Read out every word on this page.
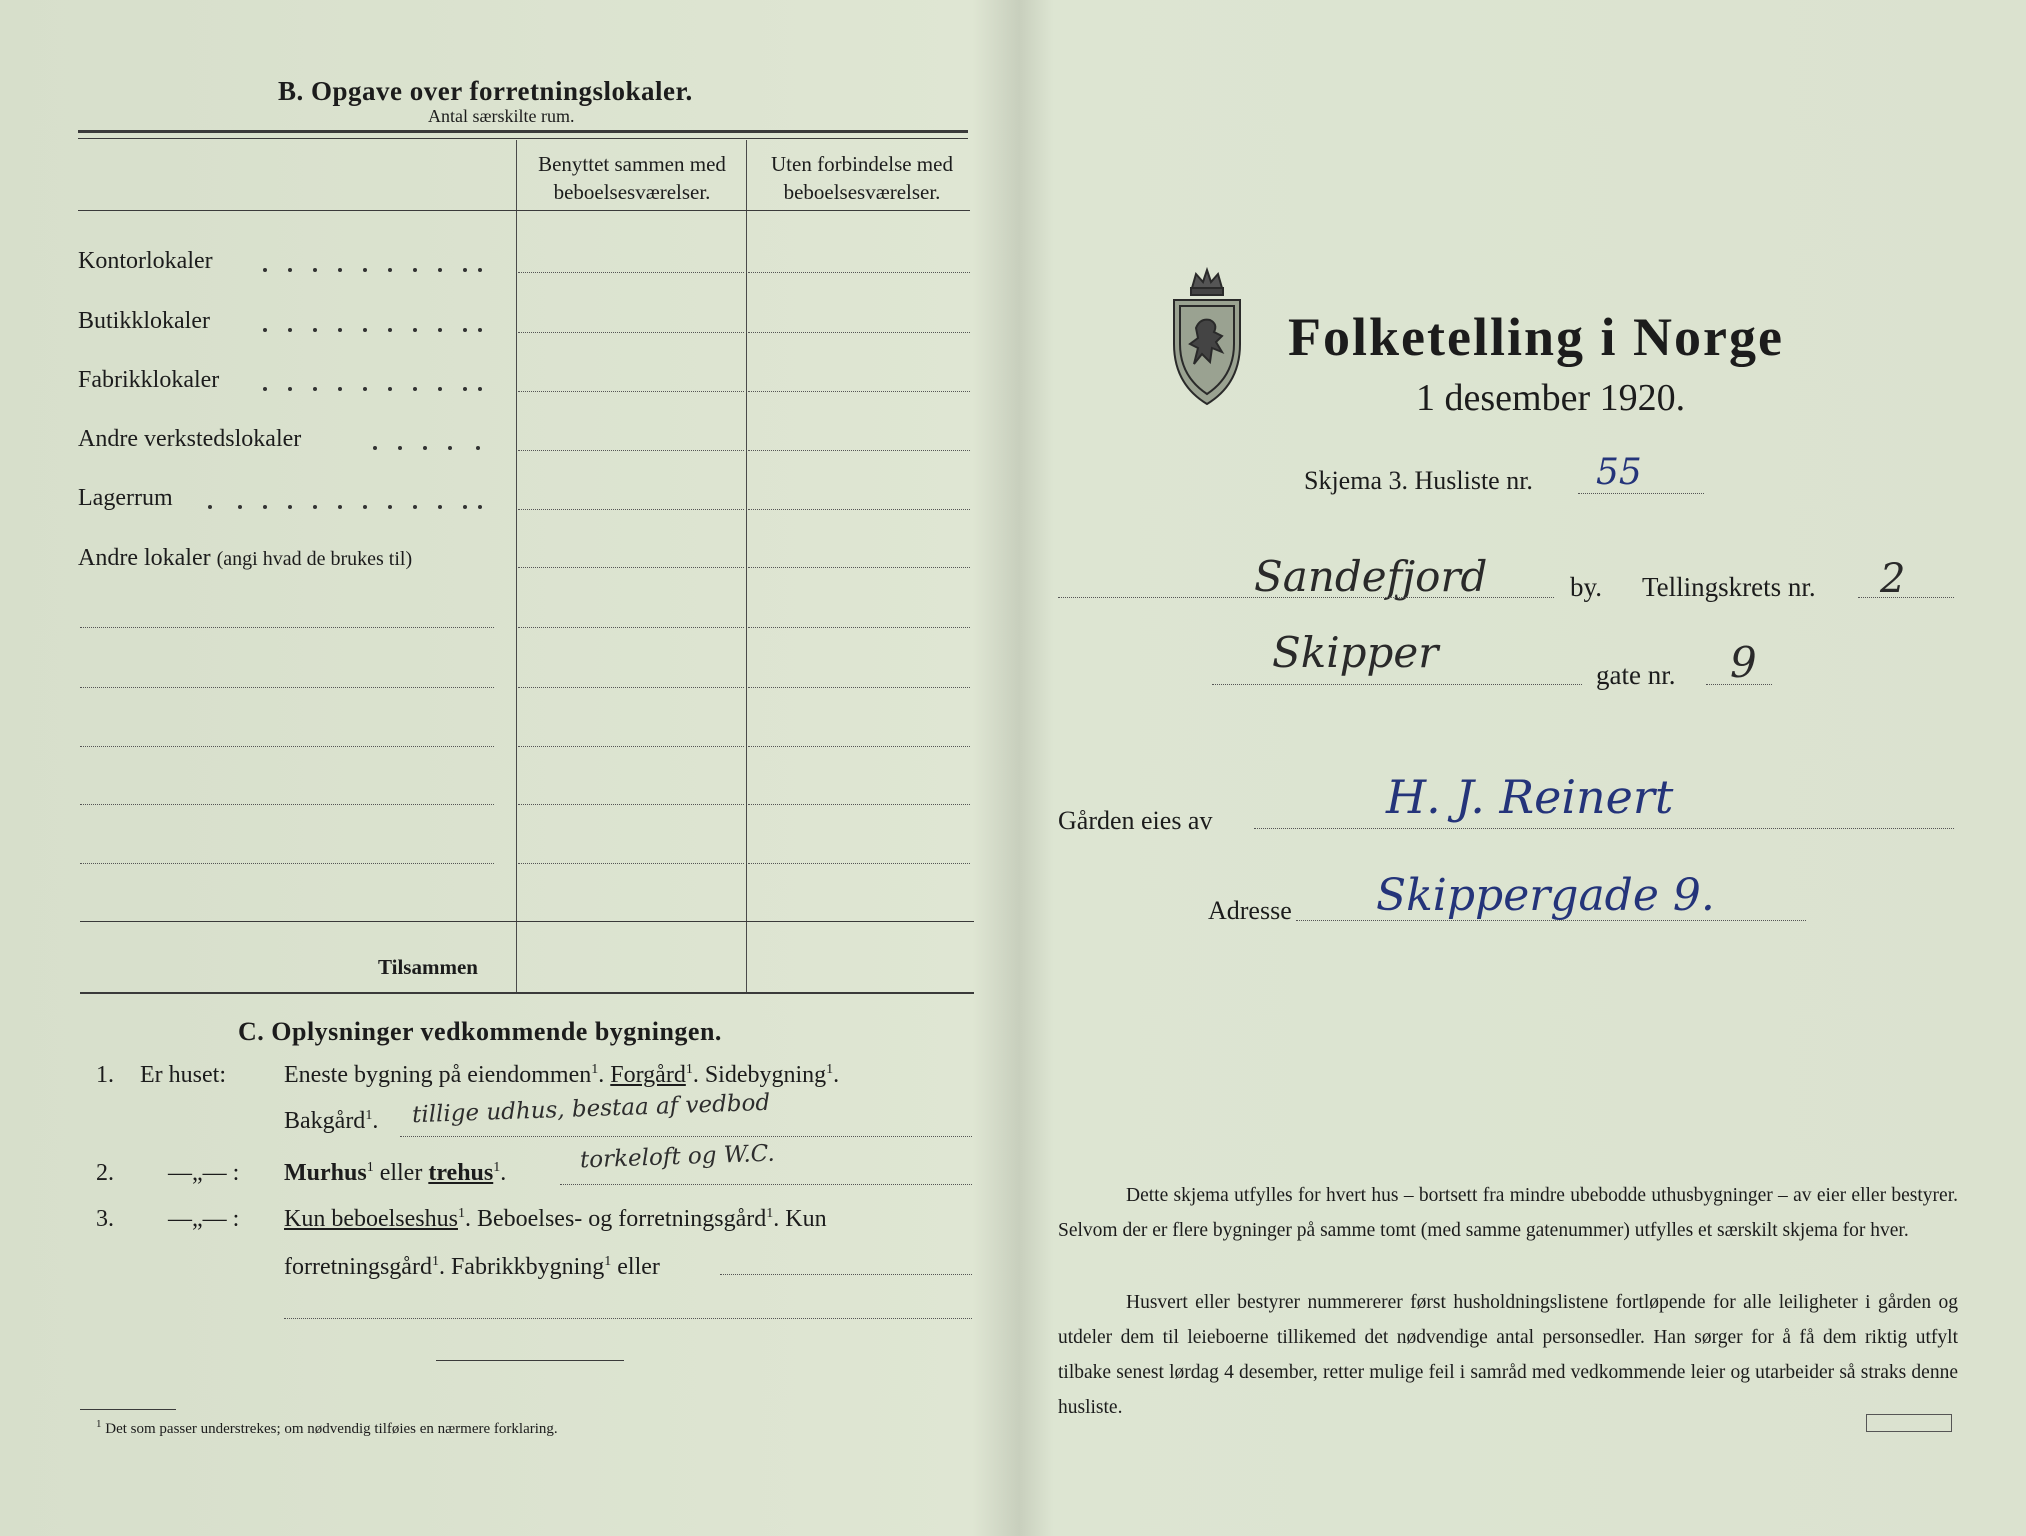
B. Opgave over forretningslokaler.
Antal særskilte rum.
Benyttet sammen med beboelsesværelser.
Uten forbindelse med beboelsesværelser.
Kontorlokaler
Butikklokaler
Fabrikklokaler
Andre verkstedslokaler
Lagerrum
Andre lokaler (angi hvad de brukes til)
Tilsammen
C. Oplysninger vedkommende bygningen.
1. Er huset: Eneste bygning på eiendommen$^1$. Forgård$^1$. Sidebygning$^1$.
Bakgård$^1$. tillige udhus, bestaa af vedbod
torkeloft og W.C.
2. —„— : Murhus$^1$ eller trehus$^1$.
3. —„— : Kun beboelseshus$^1$. Beboelses- og forretningsgård$^1$. Kun
forretningsgård$^1$. Fabrikkbygning$^1$ eller
$^1$ Det som passer understrekes; om nødvendig tilføies en nærmere forklaring.
Folketelling i Norge
1 desember 1920.
Skjema 3. Husliste nr. 55
Sandefjord	by. Tellingskrets nr. 2
Skipper	gate nr. 9
Gården eies av	H. J. Reinert
Adresse Skippergade 9.
Dette skjema utfylles for hvert hus – bortsett fra mindre ubebodde uthusbygninger – av eier eller bestyrer. Selvom der er flere bygninger på samme tomt (med samme gatenummer) utfylles et særskilt skjema for hver.
Husvert eller bestyrer nummererer først husholdningslistene fortløpende for alle leiligheter i gården og utdeler dem til leieboerne tillikemed det nødvendige antal personsedler. Han sørger for å få dem riktig utfylt tilbake senest lørdag 4 desember, retter mulige feil i samråd med vedkommende leier og utarbeider så straks denne husliste.
